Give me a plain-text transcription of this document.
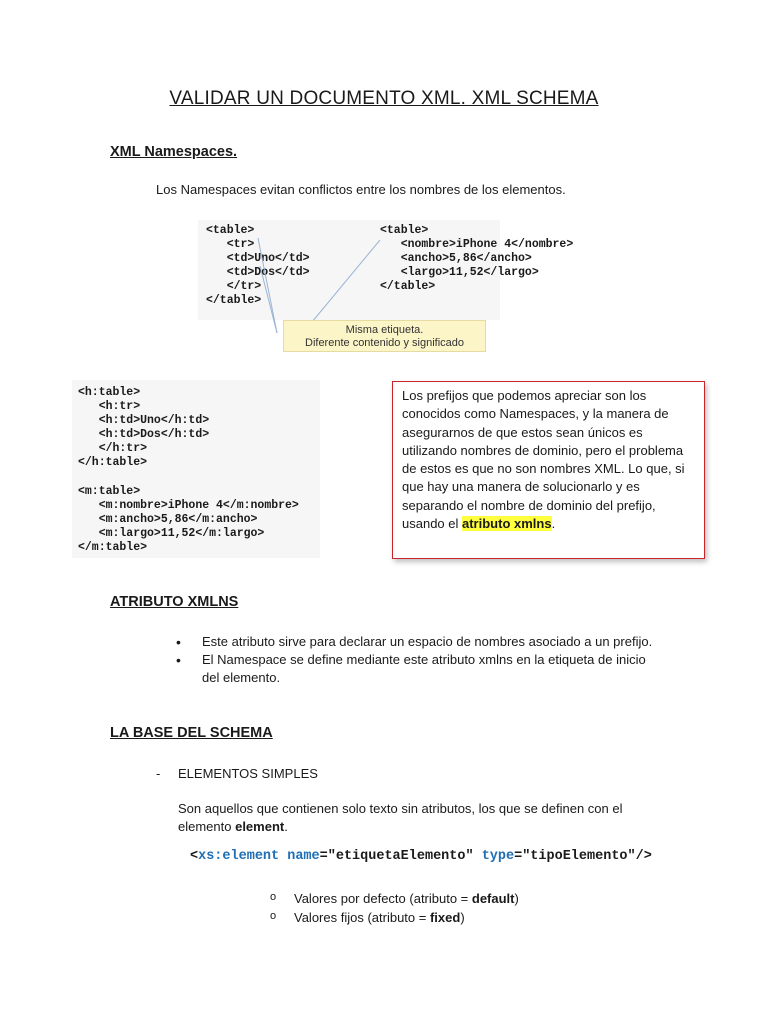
VALIDAR UN DOCUMENTO XML. XML SCHEMA
XML Namespaces.
Los Namespaces evitan conflictos entre los nombres de los elementos.
<table>
<tr>
<td>Uno</td>
<td>Dos</td>
</tr>
</table>
<table>
<nombre>iPhone 4</nombre>
<ancho>5,86</ancho>
<largo>11,52</largo>
</table>
Misma etiqueta.
Diferente contenido y significado
<h:table>
<h:tr>
<h:td>Uno</h:td>
<h:td>Dos</h:td>
</h:tr>
</h:table>
<m:table>
<m:nombre>iPhone 4</m:nombre>
<m:ancho>5,86</m:ancho>
<m:largo>11,52</m:largo>
</m:table>
Los prefijos que podemos apreciar son los conocidos como Namespaces, y la manera de asegurarnos de que estos sean únicos es utilizando nombres de dominio, pero el problema de estos es que no son nombres XML. Lo que, si que hay una manera de solucionarlo y es separando el nombre de dominio del prefijo, usando el atributo xmlns.
ATRIBUTO XMLNS
• Este atributo sirve para declarar un espacio de nombres asociado a un prefijo.
• El Namespace se define mediante este atributo xmlns en la etiqueta de inicio del elemento.
LA BASE DEL SCHEMA
- ELEMENTOS SIMPLES
Son aquellos que contienen solo texto sin atributos, los que se definen con el elemento element.
<xs:element name="etiquetaElemento" type="tipoElemento"/>
o Valores por defecto (atributo = default)
o Valores fijos (atributo = fixed)
